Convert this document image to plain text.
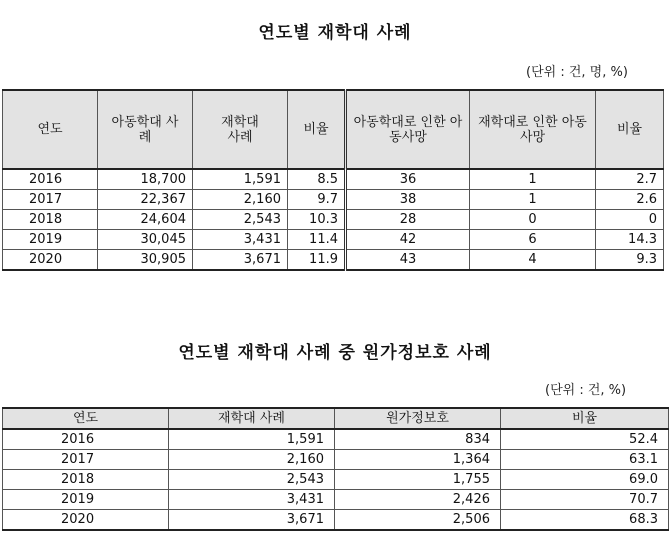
연도별 재학대 사례
(단위 : 건, 명, %)
연도	아동학대 사례	재학대 사례	비율	아동학대로 인한 아동사망	재학대로 인한 아동사망	비율
2016	18,700	1,591	8.5	36	1	2.7
2017	22,367	2,160	9.7	38	1	2.6
2018	24,604	2,543	10.3	28	0	0
2019	30,045	3,431	11.4	42	6	14.3
2020	30,905	3,671	11.9	43	4	9.3
연도별 재학대 사례 중 원가정보호 사례
(단위 : 건, %)
연도	재학대 사례	원가정보호	비율
2016	1,591	834	52.4
2017	2,160	1,364	63.1
2018	2,543	1,755	69.0
2019	3,431	2,426	70.7
2020	3,671	2,506	68.3
